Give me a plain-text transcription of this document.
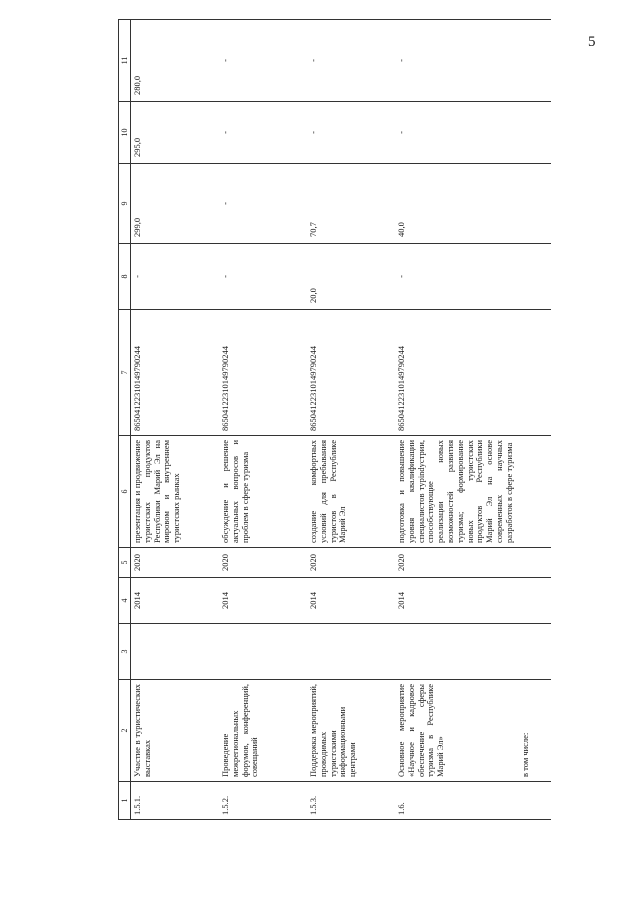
5
1	2	3	4	5	6	7	8	9	10	11
1.5.1.	Участие в туристических выставках		2014	2020	презентация и продвижение туристских продуктов Республики Марий Эл на мировом и внутреннем туристских рынках	86504122310149790244	-	299,0	295,0	280,0
1.5.2.	Проведение межрегиональных форумов, конференций, совещаний		2014	2020	обсуждение и решение актуальных вопросов и проблем в сфере туризма	86504122310149790244	-	-	-	-
1.5.3.	Поддержка мероприятий, проводимых туристскими информационными центрами		2014	2020	создание комфортных условий для пребывания туристов в Республике Марий Эл	86504122310149790244	20,0	70,7	-	-
1.6.	Основное мероприятие «Научное и кадровое обеспечение сферы туризма в Республике Марий Эл»		2014	2020	подготовка и повышение уровня квалификации специалистов турindустрии, способствующие реализации новых возможностей развития туризма; формирование новых туристских продуктов Республики Марий Эл на основе современных научных разработок в сфере туризма	86504122310149790244	-	40,0	-	-
	в том числе:									
